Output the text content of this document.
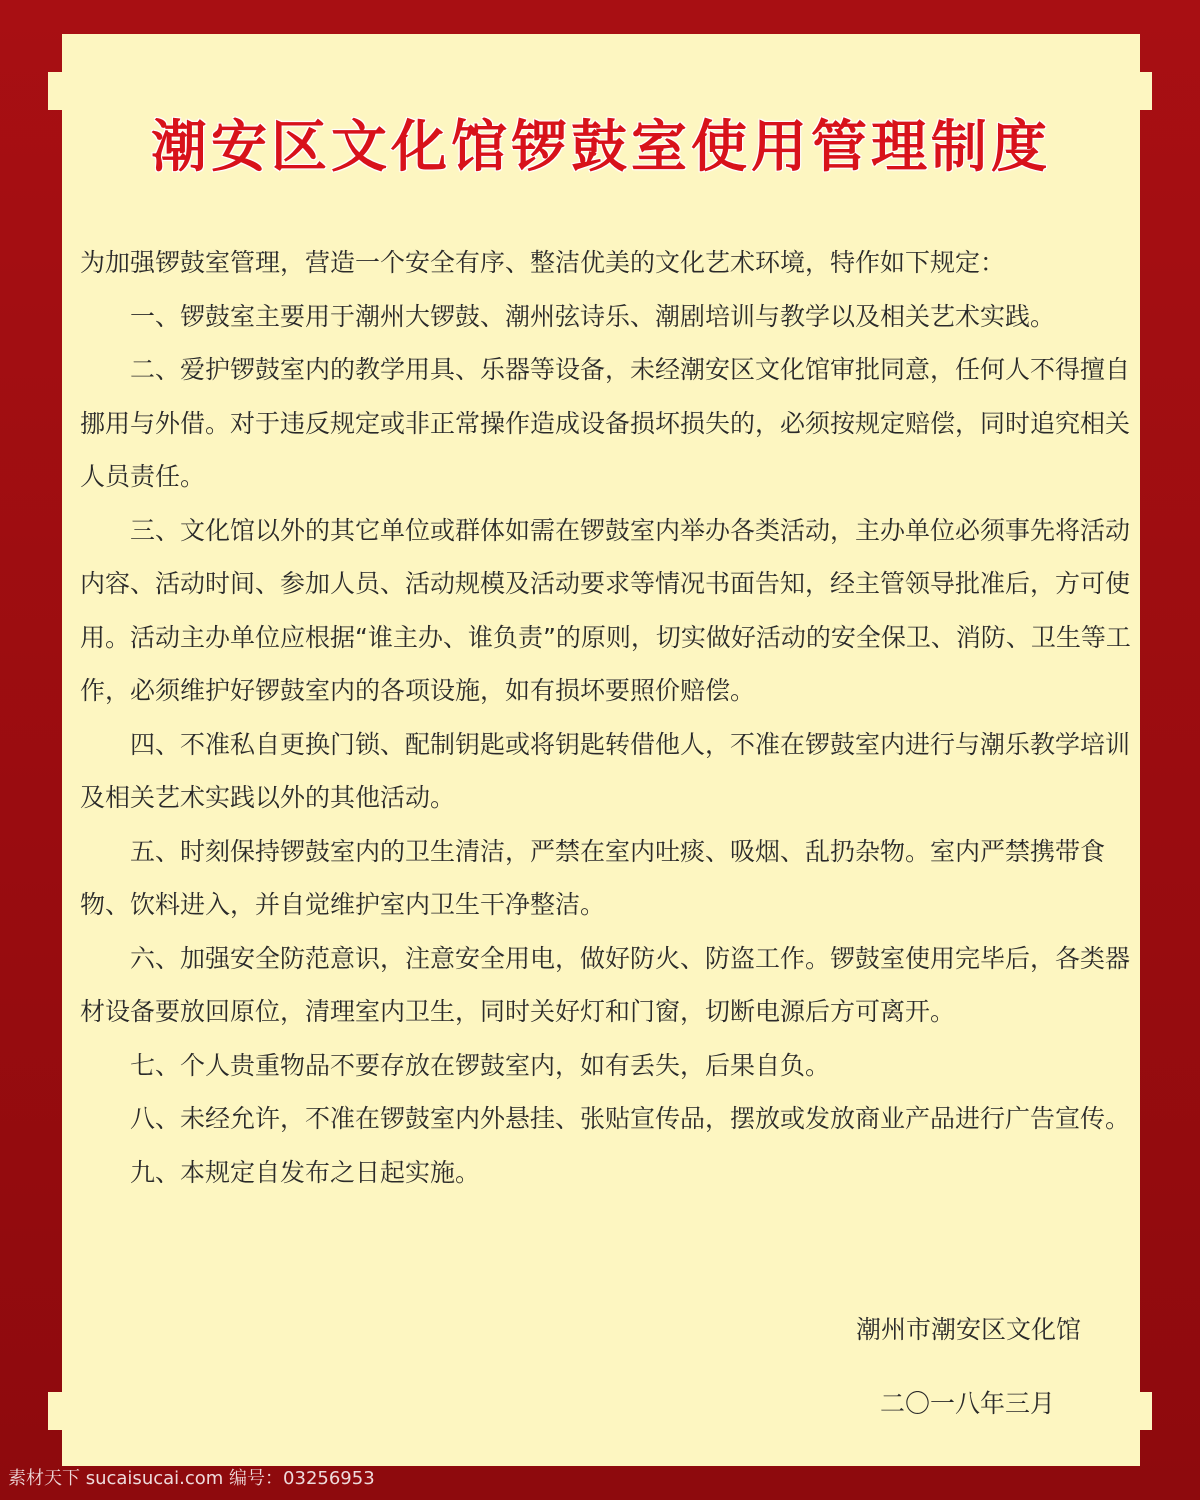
潮安区文化馆锣鼓室使用管理制度

为加强锣鼓室管理，营造一个安全有序、整洁优美的文化艺术环境，特作如下规定：

一、锣鼓室主要用于潮州大锣鼓、潮州弦诗乐、潮剧培训与教学以及相关艺术实践。

二、爱护锣鼓室内的教学用具、乐器等设备，未经潮安区文化馆审批同意，任何人不得擅自挪用与外借。对于违反规定或非正常操作造成设备损坏损失的，必须按规定赔偿，同时追究相关人员责任。

三、文化馆以外的其它单位或群体如需在锣鼓室内举办各类活动，主办单位必须事先将活动内容、活动时间、参加人员、活动规模及活动要求等情况书面告知，经主管领导批准后，方可使用。活动主办单位应根据“谁主办、谁负责”的原则，切实做好活动的安全保卫、消防、卫生等工作，必须维护好锣鼓室内的各项设施，如有损坏要照价赔偿。

四、不准私自更换门锁、配制钥匙或将钥匙转借他人，不准在锣鼓室内进行与潮乐教学培训及相关艺术实践以外的其他活动。

五、时刻保持锣鼓室内的卫生清洁，严禁在室内吐痰、吸烟、乱扔杂物。室内严禁携带食物、饮料进入，并自觉维护室内卫生干净整洁。

六、加强安全防范意识，注意安全用电，做好防火、防盗工作。锣鼓室使用完毕后，各类器材设备要放回原位，清理室内卫生，同时关好灯和门窗，切断电源后方可离开。

七、个人贵重物品不要存放在锣鼓室内，如有丢失，后果自负。

八、未经允许，不准在锣鼓室内外悬挂、张贴宣传品，摆放或发放商业产品进行广告宣传。

九、本规定自发布之日起实施。

潮州市潮安区文化馆
二〇一八年三月
素材天下 sucaisucai.com 编号：03256953
